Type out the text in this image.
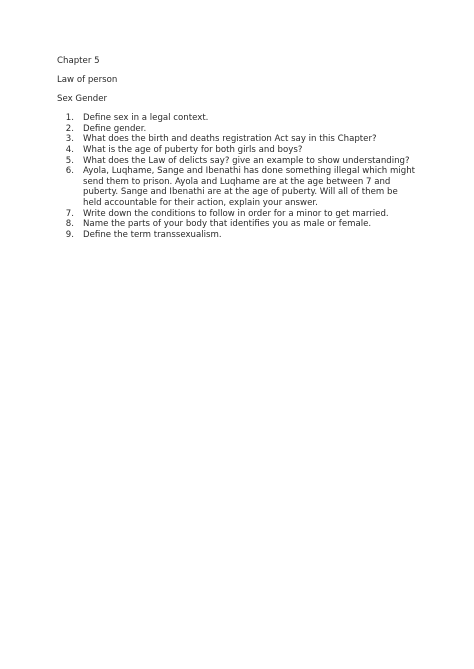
Chapter 5

Law of person

Sex Gender

1.	Define sex in a legal context.
2.	Define gender.
3.	What does the birth and deaths registration Act say in this Chapter?
4.	What is the age of puberty for both girls and boys?
5.	What does the Law of delicts say? give an example to show understanding?
6.	Ayola, Luqhame, Sange and Ibenathi has done something illegal which might send them to prison. Ayola and Luqhame are at the age between 7 and puberty. Sange and Ibenathi are at the age of puberty. Will all of them be held accountable for their action, explain your answer.
7.	Write down the conditions to follow in order for a minor to get married.
8.	Name the parts of your body that identifies you as male or female.
9.	Define the term transsexualism.
